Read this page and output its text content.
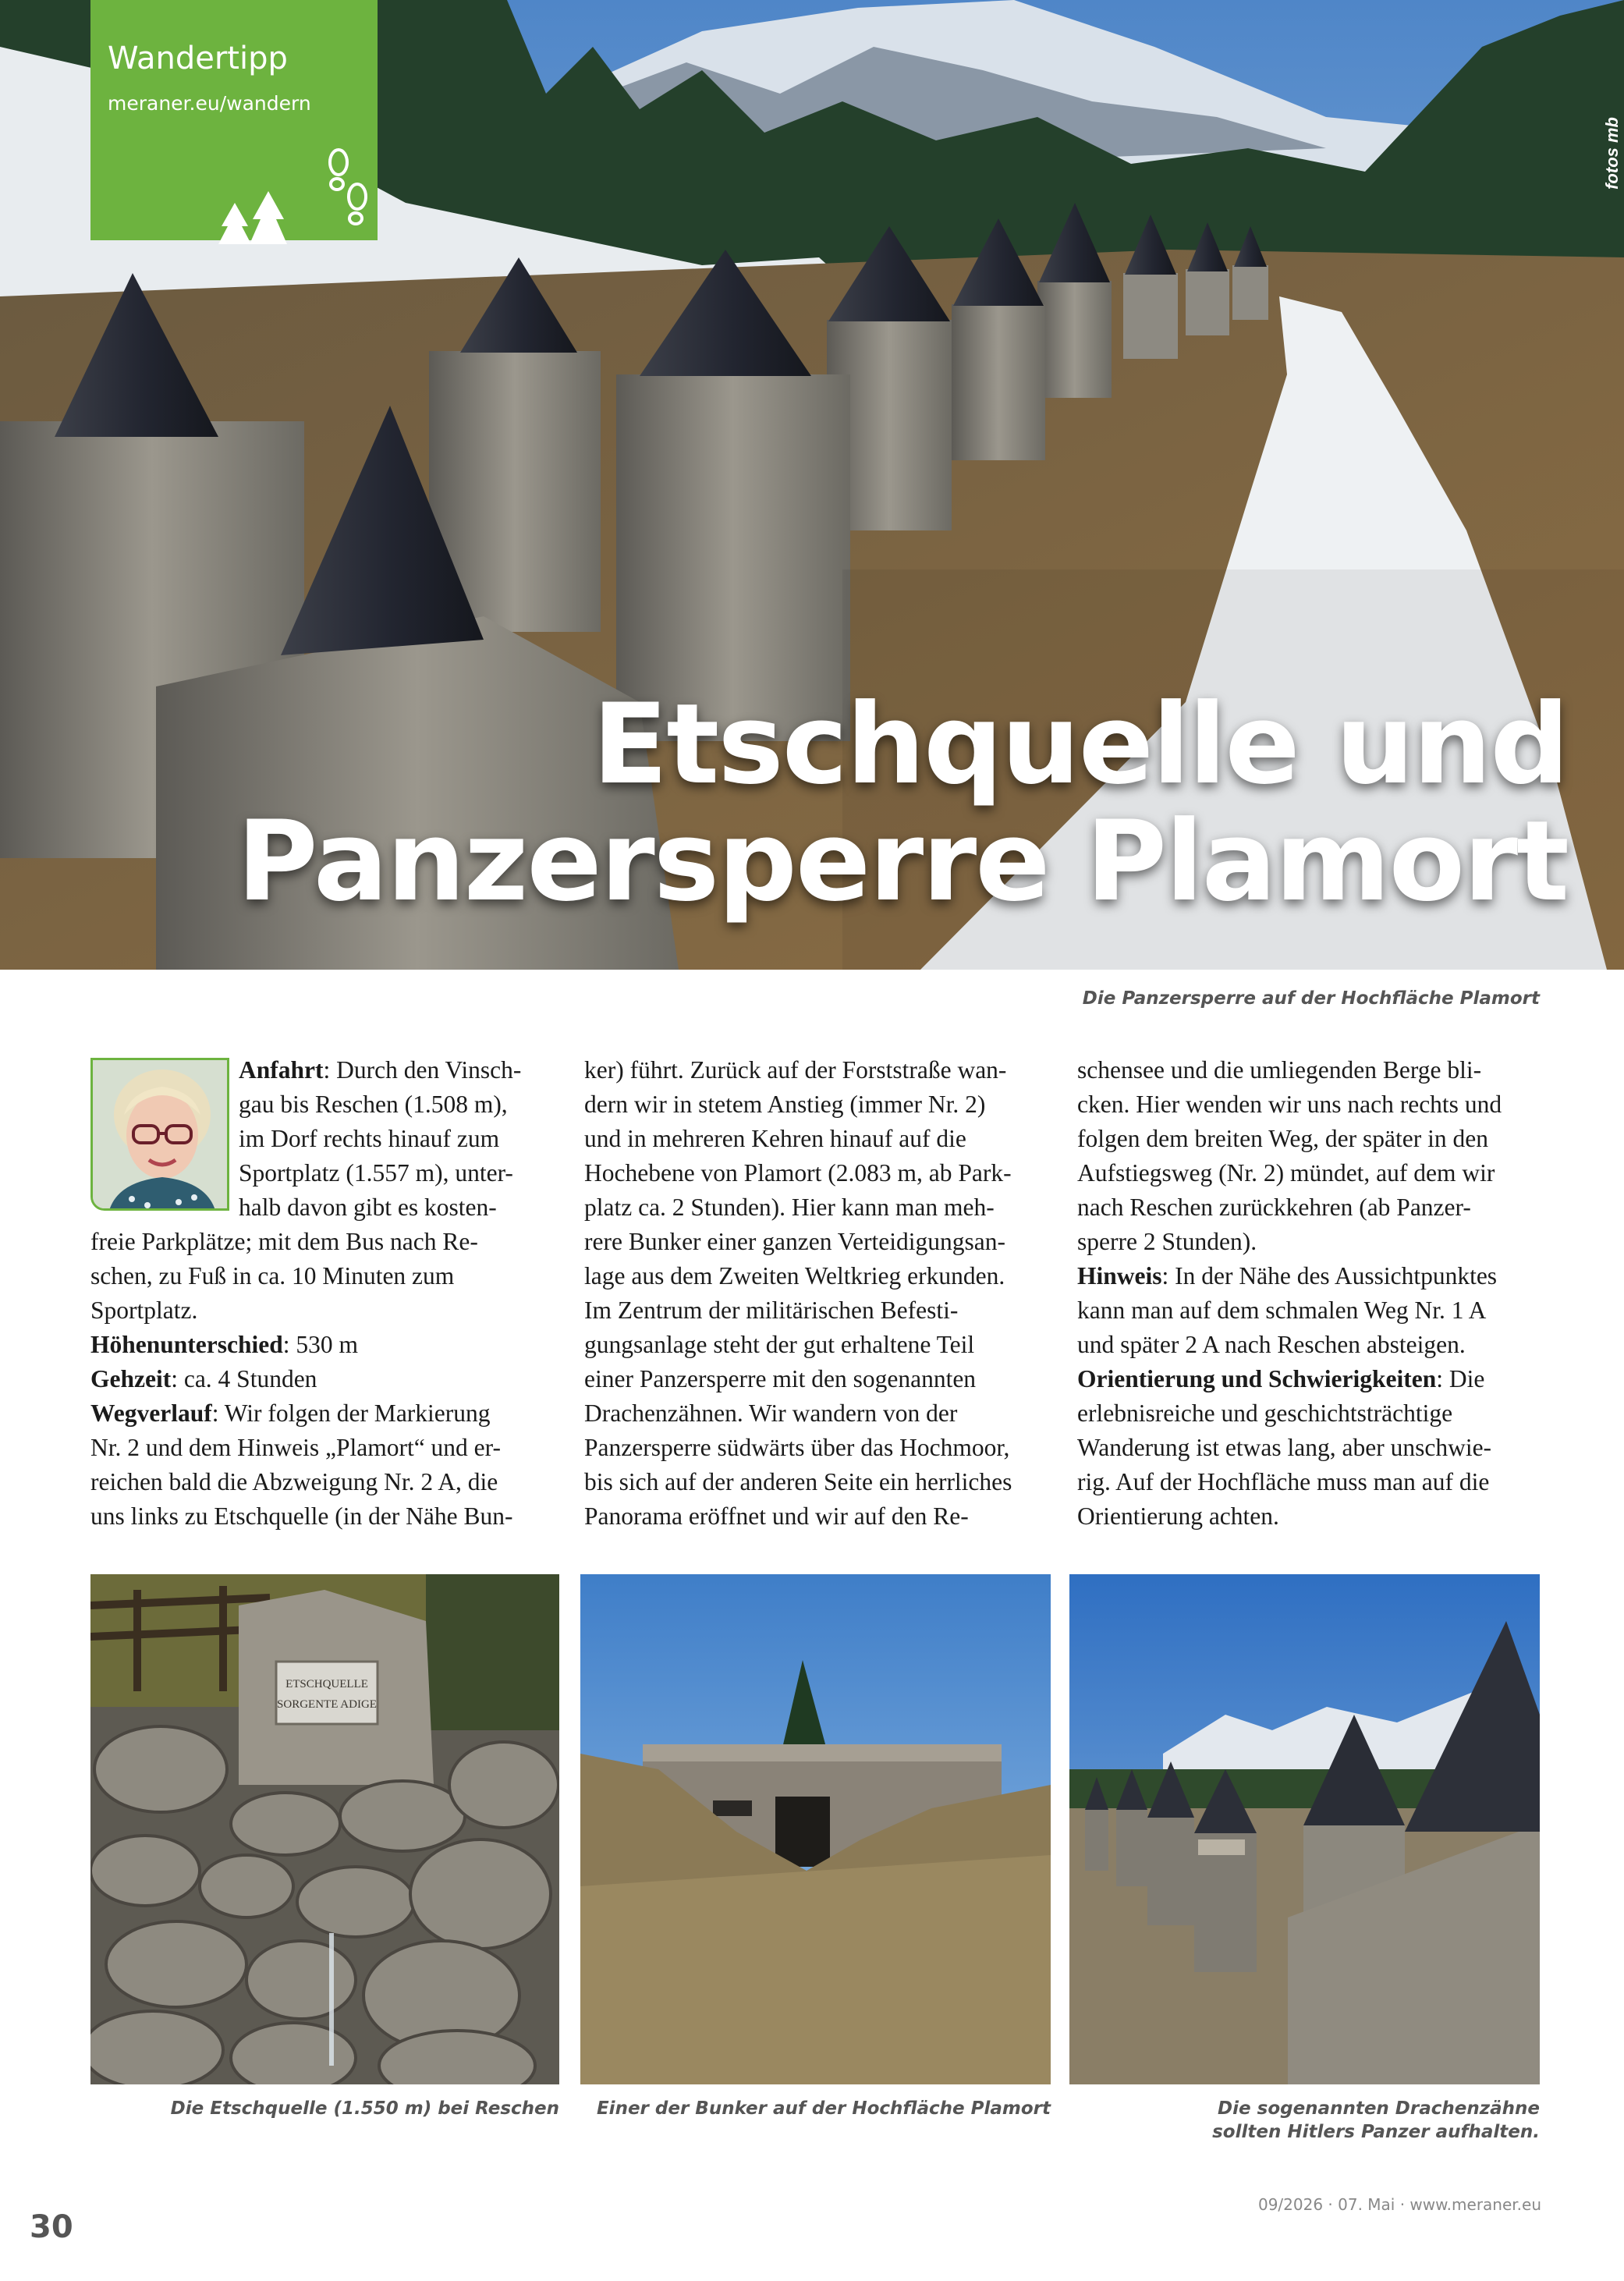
fotos mb
Etschquelle und
Panzersperre Plamort
Wandertipp
meraner.eu/wandern
Die Panzersperre auf der Hochfläche Plamort
Anfahrt: Durch den Vinsch-
gau bis Reschen (1.508 m),
im Dorf rechts hinauf zum
Sportplatz (1.557 m), unter-
halb davon gibt es kosten-
freie Parkplätze; mit dem Bus nach Re-
schen, zu Fuß in ca. 10 Minuten zum
Sportplatz.
Höhenunterschied: 530 m
Gehzeit: ca. 4 Stunden
Wegverlauf: Wir folgen der Markierung
Nr. 2 und dem Hinweis „Plamort“ und er-
reichen bald die Abzweigung Nr. 2 A, die
uns links zu Etschquelle (in der Nähe Bun-
ker) führt. Zurück auf der Forststraße wan-
dern wir in stetem Anstieg (immer Nr. 2)
und in mehreren Kehren hinauf auf die
Hochebene von Plamort (2.083 m, ab Park-
platz ca. 2 Stunden). Hier kann man meh-
rere Bunker einer ganzen Verteidigungsan-
lage aus dem Zweiten Weltkrieg erkunden.
Im Zentrum der militärischen Befesti-
gungsanlage steht der gut erhaltene Teil
einer Panzersperre mit den sogenannten
Drachenzähnen. Wir wandern von der
Panzersperre südwärts über das Hochmoor,
bis sich auf der anderen Seite ein herrliches
Panorama eröffnet und wir auf den Re-
schensee und die umliegenden Berge bli-
cken. Hier wenden wir uns nach rechts und
folgen dem breiten Weg, der später in den
Aufstiegsweg (Nr. 2) mündet, auf dem wir
nach Reschen zurückkehren (ab Panzer-
sperre 2 Stunden).
Hinweis: In der Nähe des Aussichtpunktes
kann man auf dem schmalen Weg Nr. 1 A
und später 2 A nach Reschen absteigen.
Orientierung und Schwierigkeiten: Die
erlebnisreiche und geschichtsträchtige
Wanderung ist etwas lang, aber unschwie-
rig. Auf der Hochfläche muss man auf die
Orientierung achten.
ETSCHQUELLE
SORGENTE ADIGE
Die Etschquelle (1.550 m) bei Reschen	Einer der Bunker auf der Hochfläche Plamort	Die sogenannten Drachenzähne
sollten Hitlers Panzer aufhalten.
30
09/2026 · 07. Mai · www.meraner.eu
